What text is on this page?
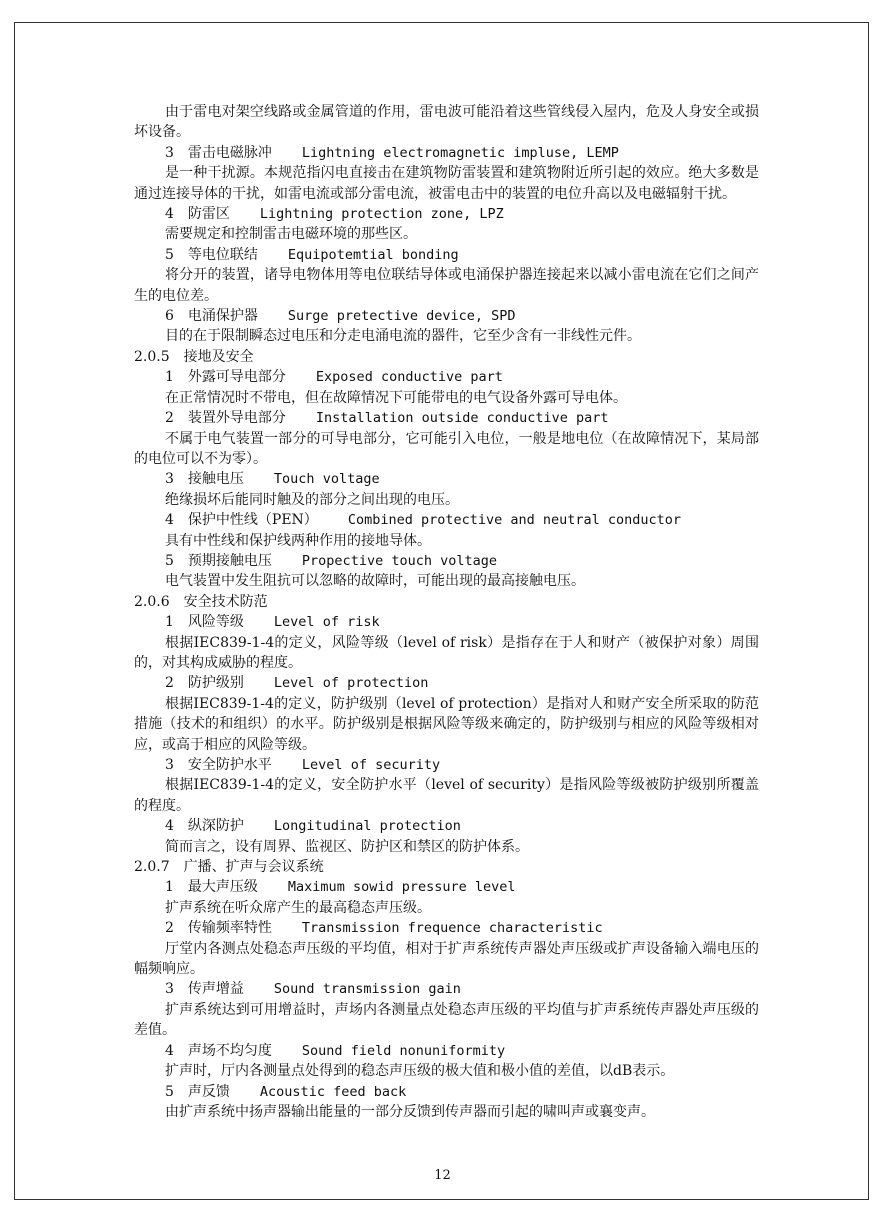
由于雷电对架空线路或金属管道的作用，雷电波可能沿着这些管线侵入屋内，危及人身安全或损坏设备。
3 雷击电磁脉冲 Lightning electromagnetic impluse, LEMP
是一种干扰源。本规范指闪电直接击在建筑物防雷装置和建筑物附近所引起的效应。绝大多数是通过连接导体的干扰，如雷电流或部分雷电流，被雷电击中的装置的电位升高以及电磁辐射干扰。
4 防雷区 Lightning protection zone, LPZ
需要规定和控制雷击电磁环境的那些区。
5 等电位联结 Equipotemtial bonding
将分开的装置，诸导电物体用等电位联结导体或电涌保护器连接起来以减小雷电流在它们之间产生的电位差。
6 电涌保护器 Surge pretective device, SPD
目的在于限制瞬态过电压和分走电涌电流的器件，它至少含有一非线性元件。
2.0.5 接地及安全
1 外露可导电部分 Exposed conductive part
在正常情况时不带电，但在故障情况下可能带电的电气设备外露可导电体。
2 装置外导电部分 Installation outside conductive part
不属于电气装置一部分的可导电部分，它可能引入电位，一般是地电位（在故障情况下，某局部的电位可以不为零）。
3 接触电压 Touch voltage
绝缘损坏后能同时触及的部分之间出现的电压。
4 保护中性线（PEN） Combined protective and neutral conductor
具有中性线和保护线两种作用的接地导体。
5 预期接触电压 Propective touch voltage
电气装置中发生阻抗可以忽略的故障时，可能出现的最高接触电压。
2.0.6 安全技术防范
1 风险等级 Level of risk
根据IEC839-1-4的定义，风险等级（level of risk）是指存在于人和财产（被保护对象）周围的，对其构成威胁的程度。
2 防护级别 Level of protection
根据IEC839-1-4的定义，防护级别（level of protection）是指对人和财产安全所采取的防范措施（技术的和组织）的水平。防护级别是根据风险等级来确定的，防护级别与相应的风险等级相对应，或高于相应的风险等级。
3 安全防护水平 Level of security
根据IEC839-1-4的定义，安全防护水平（level of security）是指风险等级被防护级别所覆盖的程度。
4 纵深防护 Longitudinal protection
简而言之，设有周界、监视区、防护区和禁区的防护体系。
2.0.7 广播、扩声与会议系统
1 最大声压级 Maximum sowid pressure level
扩声系统在听众席产生的最高稳态声压级。
2 传输频率特性 Transmission frequence characteristic
厅堂内各测点处稳态声压级的平均值，相对于扩声系统传声器处声压级或扩声设备输入端电压的幅频响应。
3 传声增益 Sound transmission gain
扩声系统达到可用增益时，声场内各测量点处稳态声压级的平均值与扩声系统传声器处声压级的差值。
4 声场不均匀度 Sound field nonuniformity
扩声时，厅内各测量点处得到的稳态声压级的极大值和极小值的差值，以dB表示。
5 声反馈 Acoustic feed back
由扩声系统中扬声器输出能量的一部分反馈到传声器而引起的啸叫声或襄变声。
12
